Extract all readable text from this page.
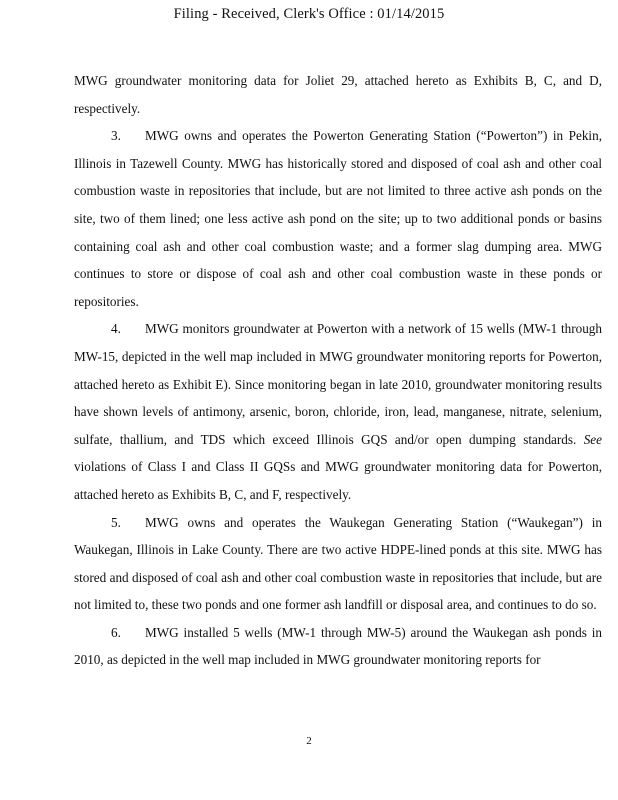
Filing - Received, Clerk's Office : 01/14/2015

MWG groundwater monitoring data for Joliet 29, attached hereto as Exhibits B, C, and D, respectively.

3. MWG owns and operates the Powerton Generating Station (“Powerton”) in Pekin, Illinois in Tazewell County. MWG has historically stored and disposed of coal ash and other coal combustion waste in repositories that include, but are not limited to three active ash ponds on the site, two of them lined; one less active ash pond on the site; up to two additional ponds or basins containing coal ash and other coal combustion waste; and a former slag dumping area. MWG continues to store or dispose of coal ash and other coal combustion waste in these ponds or repositories.

4. MWG monitors groundwater at Powerton with a network of 15 wells (MW-1 through MW-15, depicted in the well map included in MWG groundwater monitoring reports for Powerton, attached hereto as Exhibit E). Since monitoring began in late 2010, groundwater monitoring results have shown levels of antimony, arsenic, boron, chloride, iron, lead, manganese, nitrate, selenium, sulfate, thallium, and TDS which exceed Illinois GQS and/or open dumping standards. See violations of Class I and Class II GQSs and MWG groundwater monitoring data for Powerton, attached hereto as Exhibits B, C, and F, respectively.

5. MWG owns and operates the Waukegan Generating Station (“Waukegan”) in Waukegan, Illinois in Lake County. There are two active HDPE-lined ponds at this site. MWG has stored and disposed of coal ash and other coal combustion waste in repositories that include, but are not limited to, these two ponds and one former ash landfill or disposal area, and continues to do so.

6. MWG installed 5 wells (MW-1 through MW-5) around the Waukegan ash ponds in 2010, as depicted in the well map included in MWG groundwater monitoring reports for

2
